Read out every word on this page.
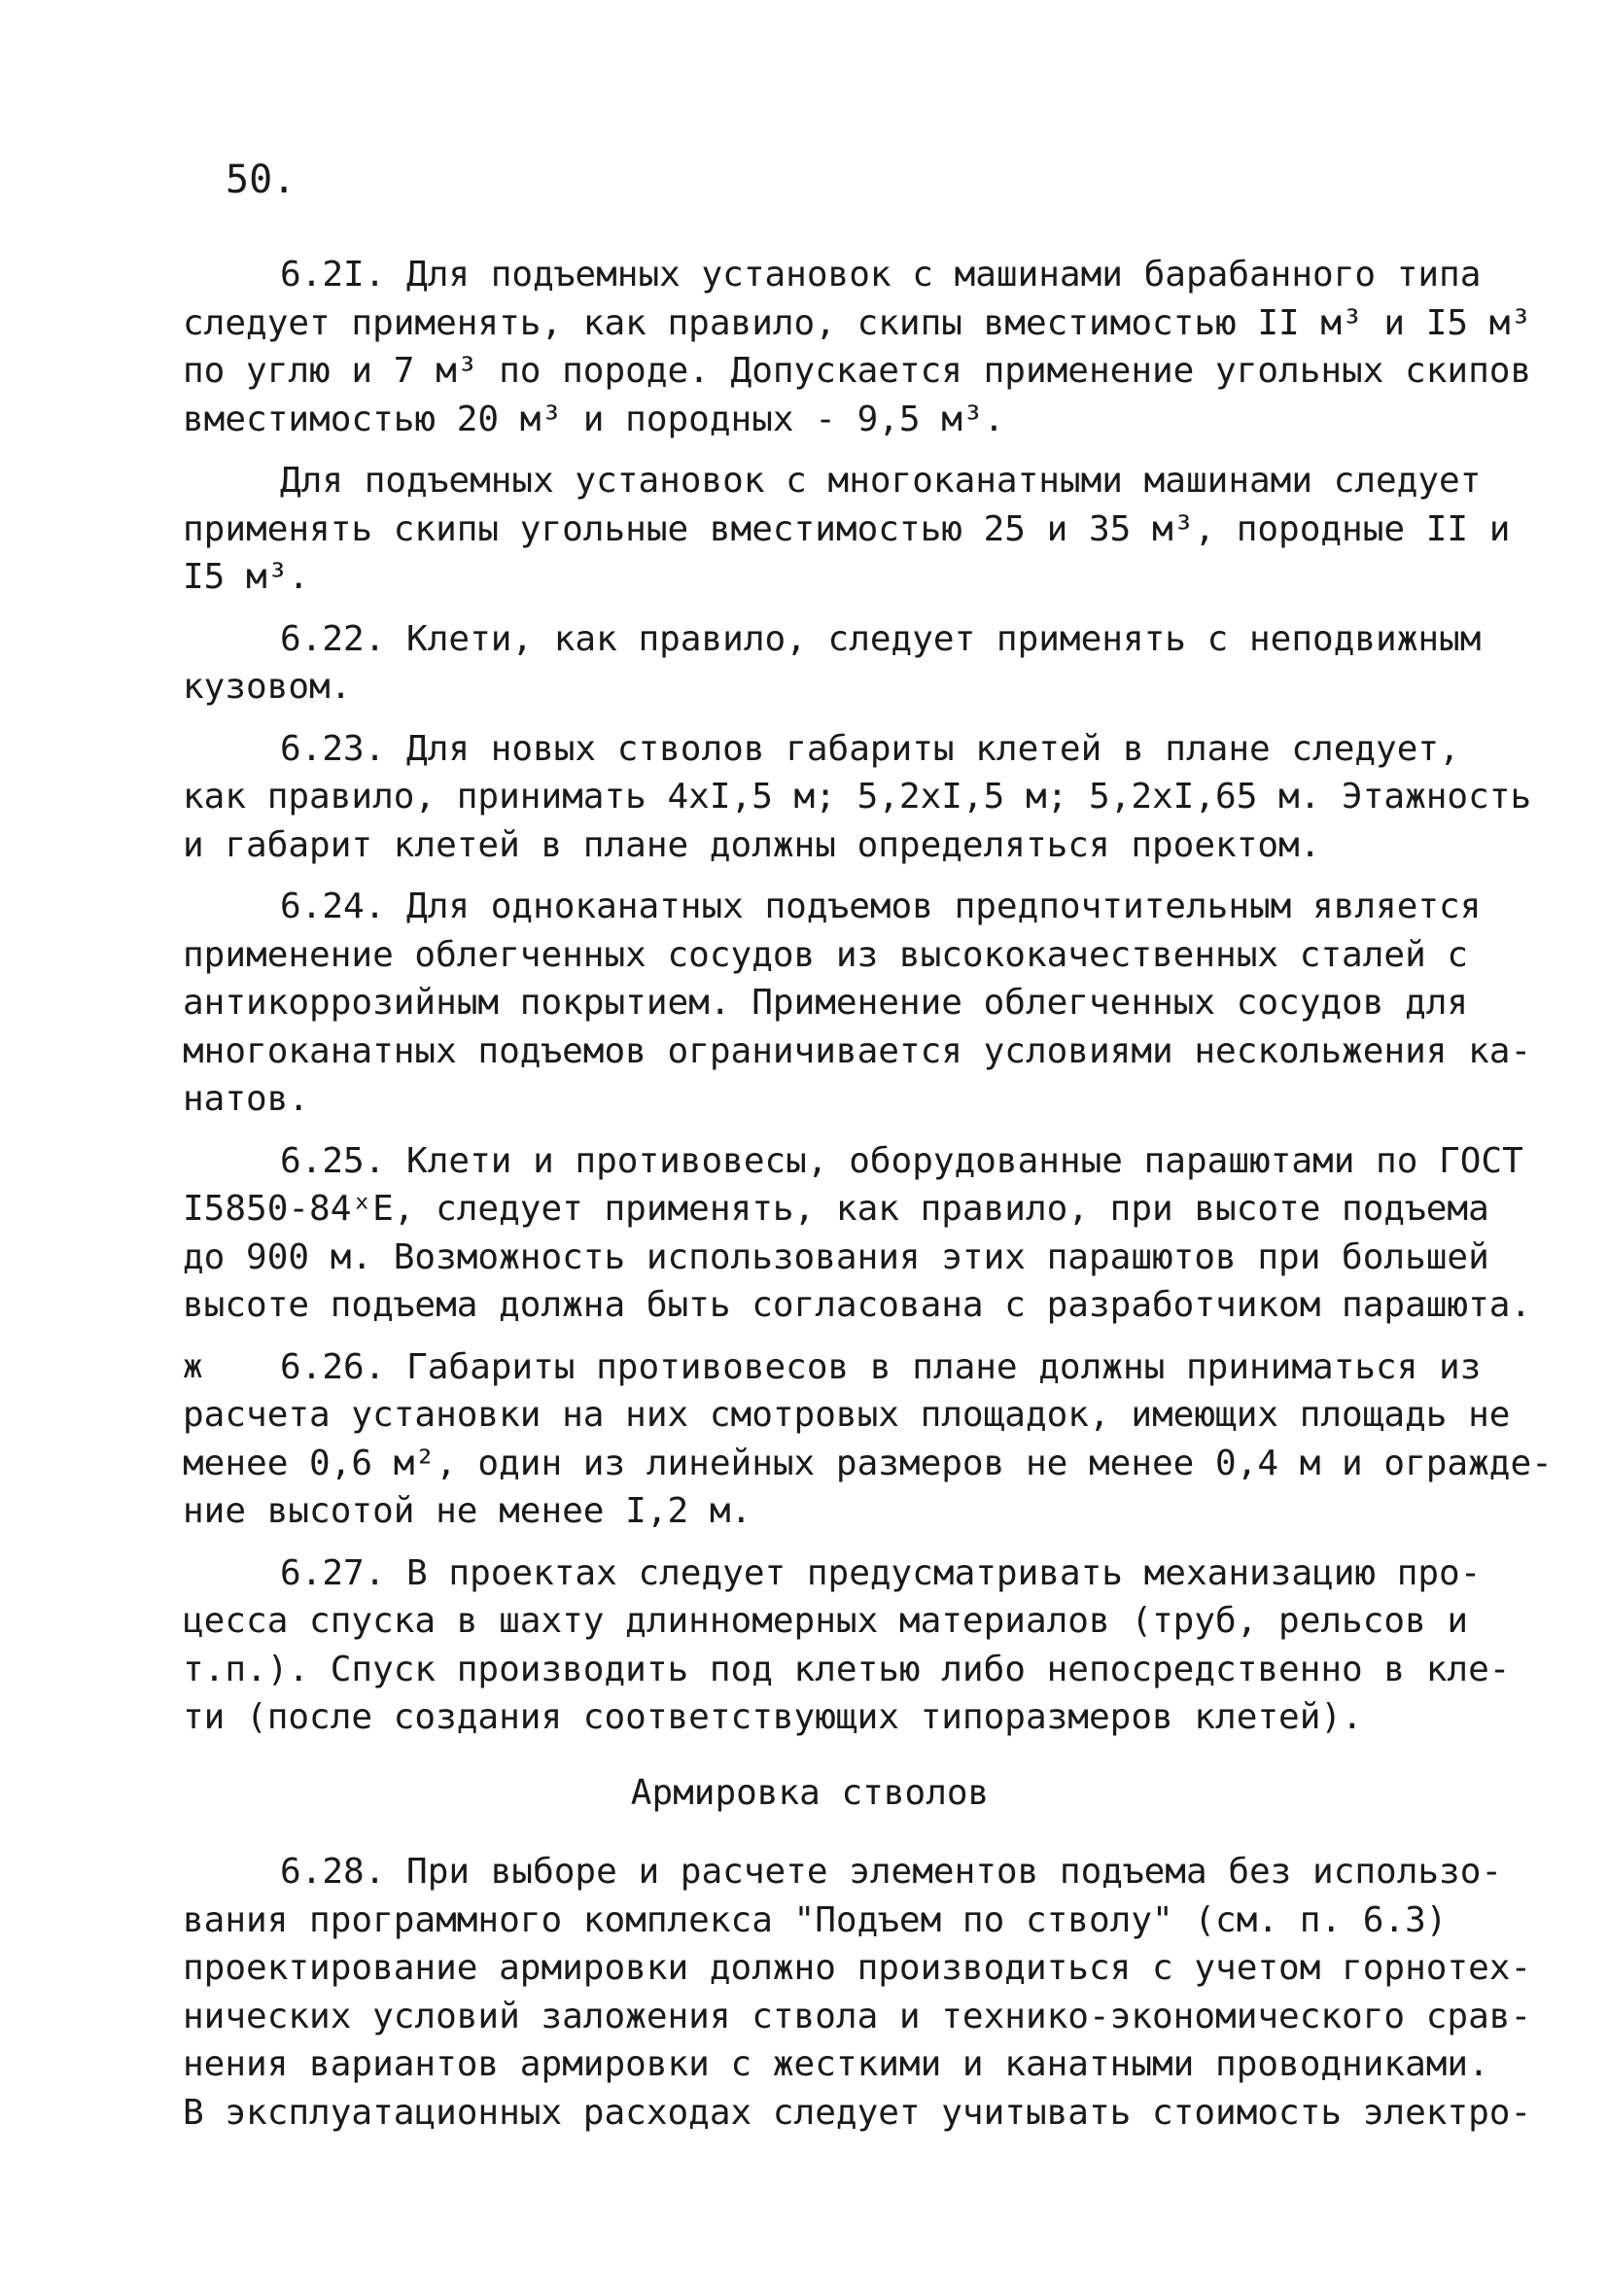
50.
6.2I. Для подъемных установок с машинами барабанного типа
следует применять, как правило, скипы вместимостью II м³ и I5 м³
по углю и 7 м³ по породе. Допускается применение угольных скипов
вместимостью 20 м³ и породных - 9,5 м³.
Для подъемных установок с многоканатными машинами следует
применять скипы угольные вместимостью 25 и 35 м³, породные II и
I5 м³.
6.22. Клети, как правило, следует применять с неподвижным
кузовом.
6.23. Для новых стволов габариты клетей в плане следует,
как правило, принимать 4хI,5 м; 5,2хI,5 м; 5,2хI,65 м. Этажность
и габарит клетей в плане должны определяться проектом.
6.24. Для одноканатных подъемов предпочтительным является
применение облегченных сосудов из высококачественных сталей с
антикоррозийным покрытием. Применение облегченных сосудов для
многоканатных подъемов ограничивается условиями нескольжения ка-
натов.
6.25. Клети и противовесы, оборудованные парашютами по ГОСТ
I5850-84ˣЕ, следует применять, как правило, при высоте подъема
до 900 м. Возможность использования этих парашютов при большей
высоте подъема должна быть согласована с разработчиком парашюта.
ж 6.26. Габариты противовесов в плане должны приниматься из
расчета установки на них смотровых площадок, имеющих площадь не
менее 0,6 м², один из линейных размеров не менее 0,4 м и огражде-
ние высотой не менее I,2 м.
6.27. В проектах следует предусматривать механизацию про-
цесса спуска в шахту длинномерных материалов (труб, рельсов и
т.п.). Спуск производить под клетью либо непосредственно в кле-
ти (после создания соответствующих типоразмеров клетей).
Армировка стволов
6.28. При выборе и расчете элементов подъема без использо-
вания программного комплекса "Подъем по стволу" (см. п. 6.3)
проектирование армировки должно производиться с учетом горнотех-
нических условий заложения ствола и технико-экономического срав-
нения вариантов армировки с жесткими и канатными проводниками.
В эксплуатационных расходах следует учитывать стоимость электро-
